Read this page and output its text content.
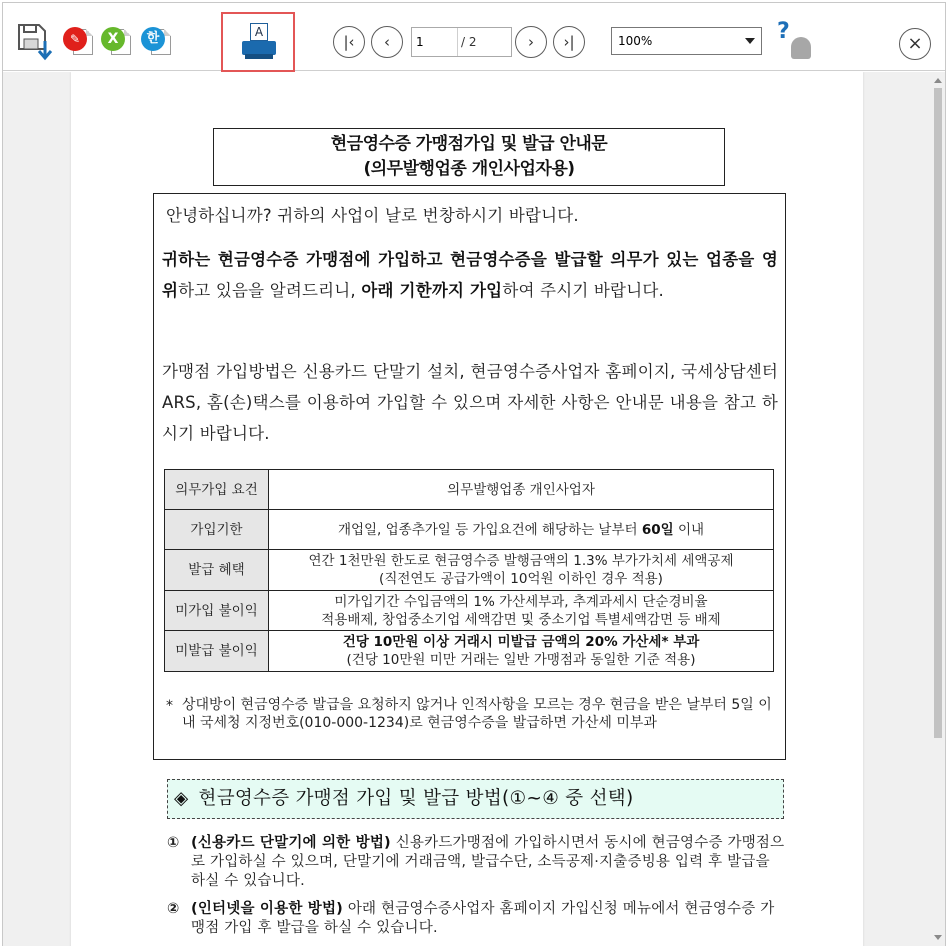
✎	X	한	A
|‹	‹
1	/ 2	›	›|	100%	?	×
현금영수증 가맹점가입 및 발급 안내문
(의무발행업종 개인사업자용)
안녕하십니까? 귀하의 사업이 날로 번창하시기 바랍니다.
귀하는 현금영수증 가맹점에 가입하고 현금영수증을 발급할 의무가 있는 업종을 영위하고 있음을 알려드리니, 아래 기한까지 가입하여 주시기 바랍니다.
가맹점 가입방법은 신용카드 단말기 설치, 현금영수증사업자 홈페이지, 국세상담센터 ARS, 홈(손)택스를 이용하여 가입할 수 있으며 자세한 사항은 안내문 내용을 참고 하시기 바랍니다.
의무가입 요건	의무발행업종 개인사업자
가입기한	개업일, 업종추가일 등 가입요건에 해당하는 날부터 60일 이내
발급 혜택	연간 1천만원 한도로 현금영수증 발행금액의 1.3% 부가가치세 세액공제
(직전연도 공급가액이 10억원 이하인 경우 적용)

미가입 불이익	미가입기간 수입금액의 1% 가산세부과, 추계과세시 단순경비율
적용배제, 창업중소기업 세액감면 및 중소기업 특별세액감면 등 배제

미발급 불이익	건당 10만원 이상 거래시 미발급 금액의 20% 가산세* 부과
(건당 10만원 미만 거래는 일반 가맹점과 동일한 기준 적용)
* 상대방이 현금영수증 발급을 요청하지 않거나 인적사항을 모르는 경우 현금을 받은 날부터 5일 이내 국세청 지정번호(010-000-1234)로 현금영수증을 발급하면 가산세 미부과
◈ 현금영수증 가맹점 가입 및 발급 방법(①~④ 중 선택)
① (신용카드 단말기에 의한 방법) 신용카드가맹점에 가입하시면서 동시에 현금영수증 가맹점으로 가입하실 수 있으며, 단말기에 거래금액, 발급수단, 소득공제·지출증빙용 입력 후 발급을 하실 수 있습니다.
② (인터넷을 이용한 방법) 아래 현금영수증사업자 홈페이지 가입신청 메뉴에서 현금영수증 가맹점 가입 후 발급을 하실 수 있습니다.
